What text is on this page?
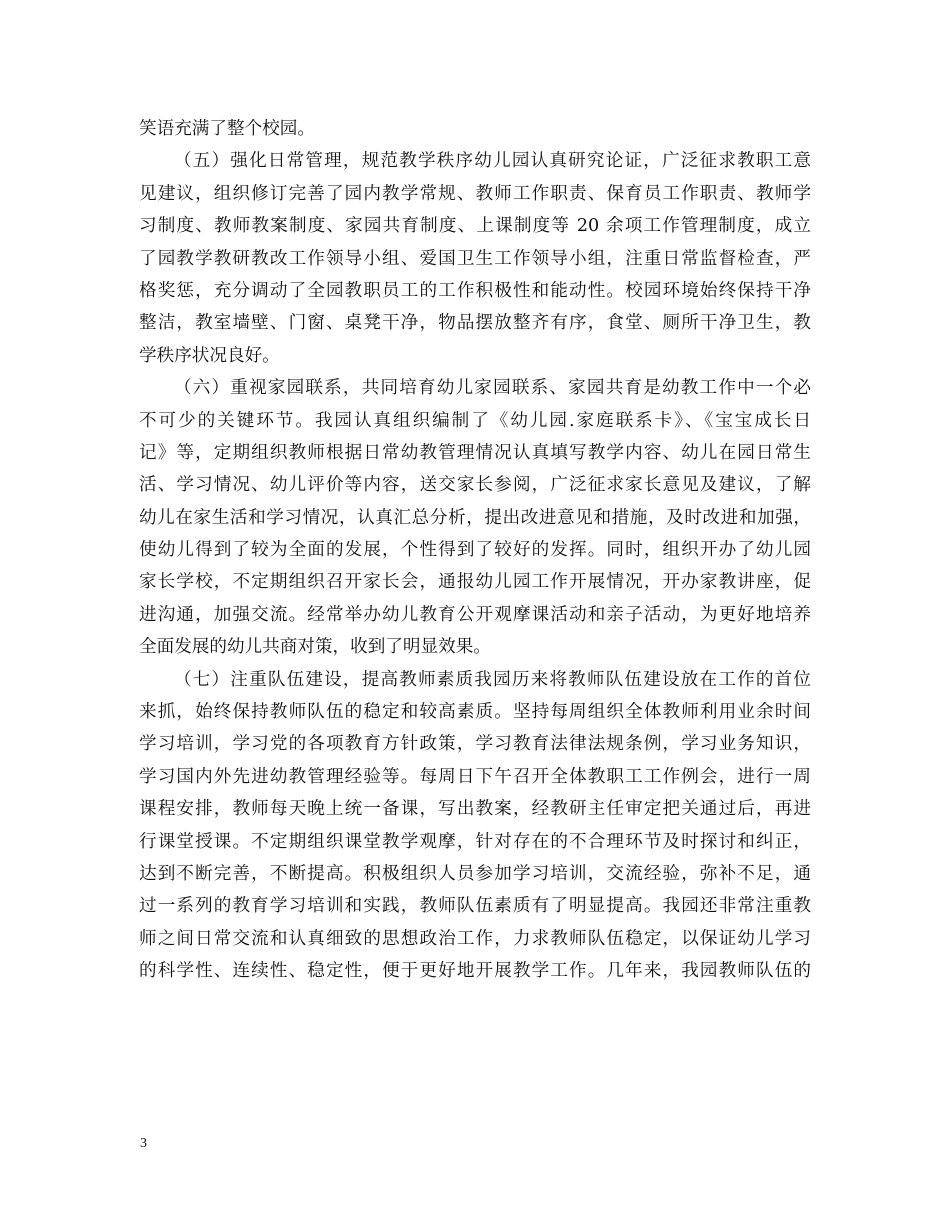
笑语充满了整个校园。
（五）强化日常管理，规范教学秩序幼儿园认真研究论证，广泛征求教职工意
见建议，组织修订完善了园内教学常规、教师工作职责、保育员工作职责、教师学
习制度、教师教案制度、家园共育制度、上课制度等 20 余项工作管理制度，成立
了园教学教研教改工作领导小组、爱国卫生工作领导小组，注重日常监督检查，严
格奖惩，充分调动了全园教职员工的工作积极性和能动性。校园环境始终保持干净
整洁，教室墙壁、门窗、桌凳干净，物品摆放整齐有序，食堂、厕所干净卫生，教
学秩序状况良好。
（六）重视家园联系，共同培育幼儿家园联系、家园共育是幼教工作中一个必
不可少的关键环节。我园认真组织编制了《幼儿园.家庭联系卡》、《宝宝成长日
记》等，定期组织教师根据日常幼教管理情况认真填写教学内容、幼儿在园日常生
活、学习情况、幼儿评价等内容，送交家长参阅，广泛征求家长意见及建议，了解
幼儿在家生活和学习情况，认真汇总分析，提出改进意见和措施，及时改进和加强，
使幼儿得到了较为全面的发展，个性得到了较好的发挥。同时，组织开办了幼儿园
家长学校，不定期组织召开家长会，通报幼儿园工作开展情况，开办家教讲座，促
进沟通，加强交流。经常举办幼儿教育公开观摩课活动和亲子活动，为更好地培养
全面发展的幼儿共商对策，收到了明显效果。
（七）注重队伍建设，提高教师素质我园历来将教师队伍建设放在工作的首位
来抓，始终保持教师队伍的稳定和较高素质。坚持每周组织全体教师利用业余时间
学习培训，学习党的各项教育方针政策，学习教育法律法规条例，学习业务知识，
学习国内外先进幼教管理经验等。每周日下午召开全体教职工工作例会，进行一周
课程安排，教师每天晚上统一备课，写出教案，经教研主任审定把关通过后，再进
行课堂授课。不定期组织课堂教学观摩，针对存在的不合理环节及时探讨和纠正，
达到不断完善，不断提高。积极组织人员参加学习培训，交流经验，弥补不足，通
过一系列的教育学习培训和实践，教师队伍素质有了明显提高。我园还非常注重教
师之间日常交流和认真细致的思想政治工作，力求教师队伍稳定，以保证幼儿学习
的科学性、连续性、稳定性，便于更好地开展教学工作。几年来，我园教师队伍的
3
